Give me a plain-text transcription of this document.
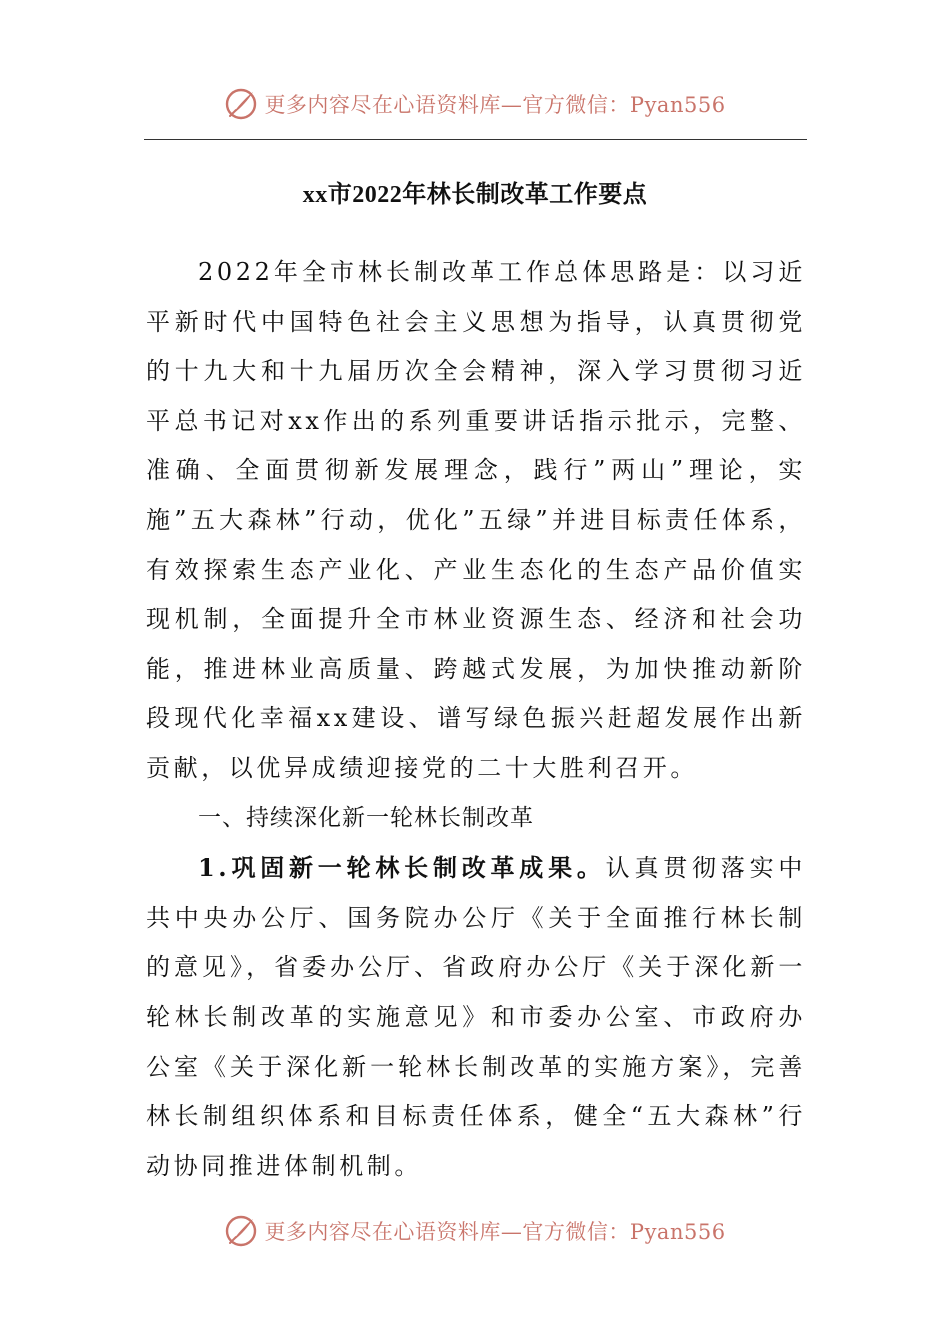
更多内容尽在心语资料库—官方微信：Pyan556
xx市2022年林长制改革工作要点

2022年全市林长制改革工作总体思路是：以习近平新时代中国特色社会主义思想为指导，认真贯彻党的十九大和十九届历次全会精神，深入学习贯彻习近平总书记对xx作出的系列重要讲话指示批示，完整、准确、全面贯彻新发展理念，践行”两山”理论，实施”五大森林”行动，优化”五绿”并进目标责任体系，有效探索生态产业化、产业生态化的生态产品价值实现机制，全面提升全市林业资源生态、经济和社会功能，推进林业高质量、跨越式发展，为加快推动新阶段现代化幸福xx建设、谱写绿色振兴赶超发展作出新贡献，以优异成绩迎接党的二十大胜利召开。

一、持续深化新一轮林长制改革

1.巩固新一轮林长制改革成果。认真贯彻落实中共中央办公厅、国务院办公厅《关于全面推行林长制的意见》，省委办公厅、省政府办公厅《关于深化新一轮林长制改革的实施意见》和市委办公室、市政府办公室《关于深化新一轮林长制改革的实施方案》，完善林长制组织体系和目标责任体系，健全“五大森林”行动协同推进体制机制。

更多内容尽在心语资料库—官方微信：Pyan556
